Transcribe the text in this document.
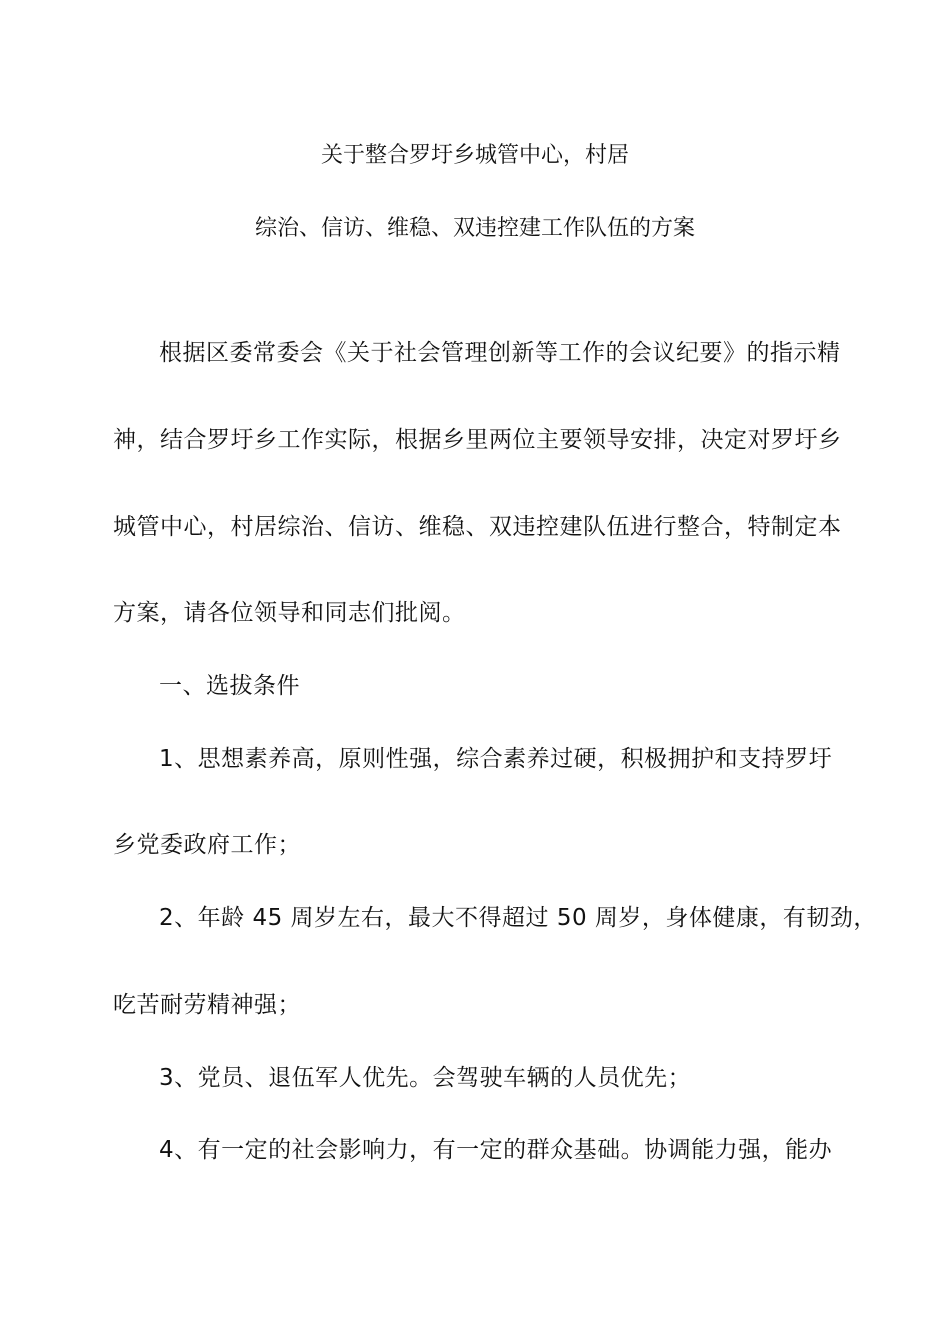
关于整合罗圩乡城管中心，村居
综治、信访、维稳、双违控建工作队伍的方案
根据区委常委会《关于社会管理创新等工作的会议纪要》的指示精
神，结合罗圩乡工作实际，根据乡里两位主要领导安排，决定对罗圩乡
城管中心，村居综治、信访、维稳、双违控建队伍进行整合，特制定本
方案，请各位领导和同志们批阅。
一、选拔条件
1、思想素养高，原则性强，综合素养过硬，积极拥护和支持罗圩
乡党委政府工作；
2、年龄 45 周岁左右，最大不得超过 50 周岁，身体健康，有韧劲，
吃苦耐劳精神强；
3、党员、退伍军人优先。会驾驶车辆的人员优先；
4、有一定的社会影响力，有一定的群众基础。协调能力强，能办
